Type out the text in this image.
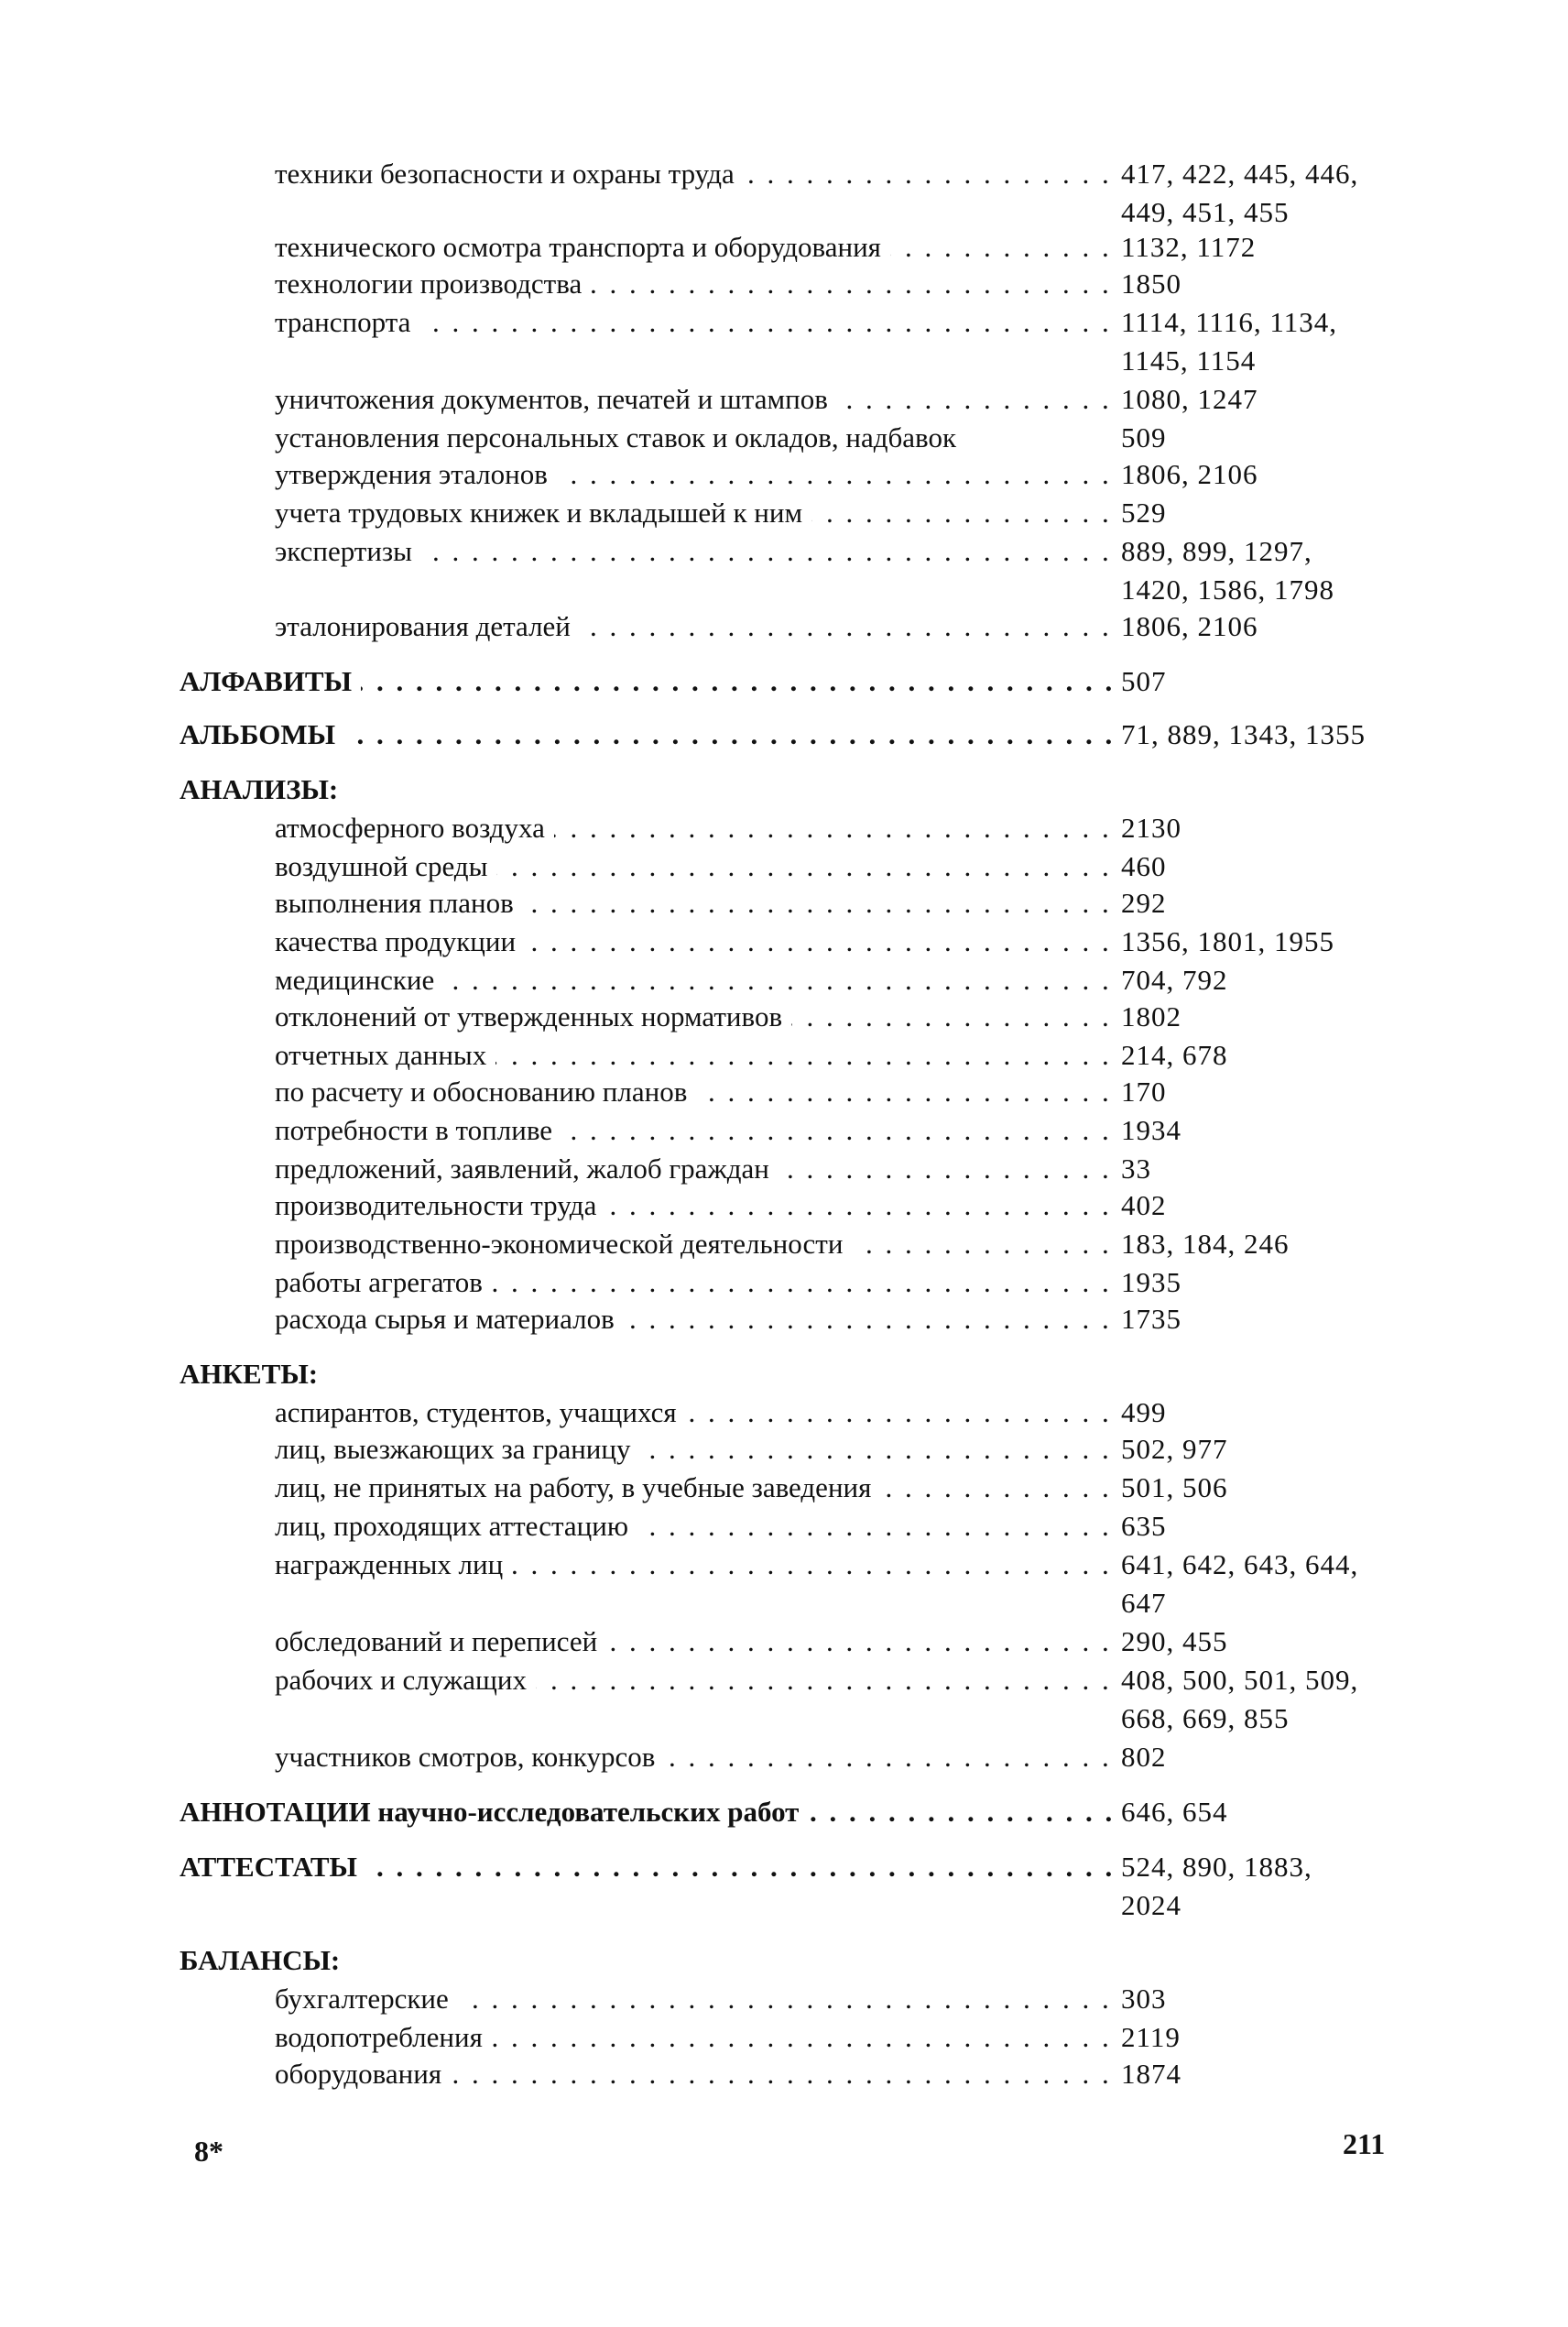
техники безопасности и охраны труда . . .	417, 422, 445, 446,
449, 451, 455
технического осмотра транспорта и оборудования . . .	1132, 1172
технологии производства . . .	1850
транспорта . . .	1114, 1116, 1134,
1145, 1154
уничтожения документов, печатей и штампов . . .	1080, 1247
установления персональных ставок и окладов, надбавок	509
утверждения эталонов . . .	1806, 2106
учета трудовых книжек и вкладышей к ним . . .	529
экспертизы . . .	889, 899, 1297,
1420, 1586, 1798
эталонирования деталей . . .	1806, 2106
АЛФАВИТЫ . . .	507
АЛЬБОМЫ . . .	71, 889, 1343, 1355
АНАЛИЗЫ:
атмосферного воздуха . . .	2130
воздушной среды . . .	460
выполнения планов . . .	292
качества продукции . . .	1356, 1801, 1955
медицинские . . .	704, 792
отклонений от утвержденных нормативов . . .	1802
отчетных данных . . .	214, 678
по расчету и обоснованию планов . . .	170
потребности в топливе . . .	1934
предложений, заявлений, жалоб граждан . . .	33
производительности труда . . .	402
производственно-экономической деятельности . . .	183, 184, 246
работы агрегатов . . .	1935
расхода сырья и материалов . . .	1735
АНКЕТЫ:
аспирантов, студентов, учащихся . . .	499
лиц, выезжающих за границу . . .	502, 977
лиц, не принятых на работу, в учебные заведения . . .	501, 506
лиц, проходящих аттестацию . . .	635
награжденных лиц . . .	641, 642, 643, 644,
647
обследований и переписей . . .	290, 455
рабочих и служащих . . .	408, 500, 501, 509,
668, 669, 855
участников смотров, конкурсов . . .	802
АННОТАЦИИ научно-исследовательских работ . . .	646, 654
АТТЕСТАТЫ . . .	524, 890, 1883,
2024
БАЛАНСЫ:
бухгалтерские . . .	303
водопотребления . . .	2119
оборудования . . .	1874
8*	211
